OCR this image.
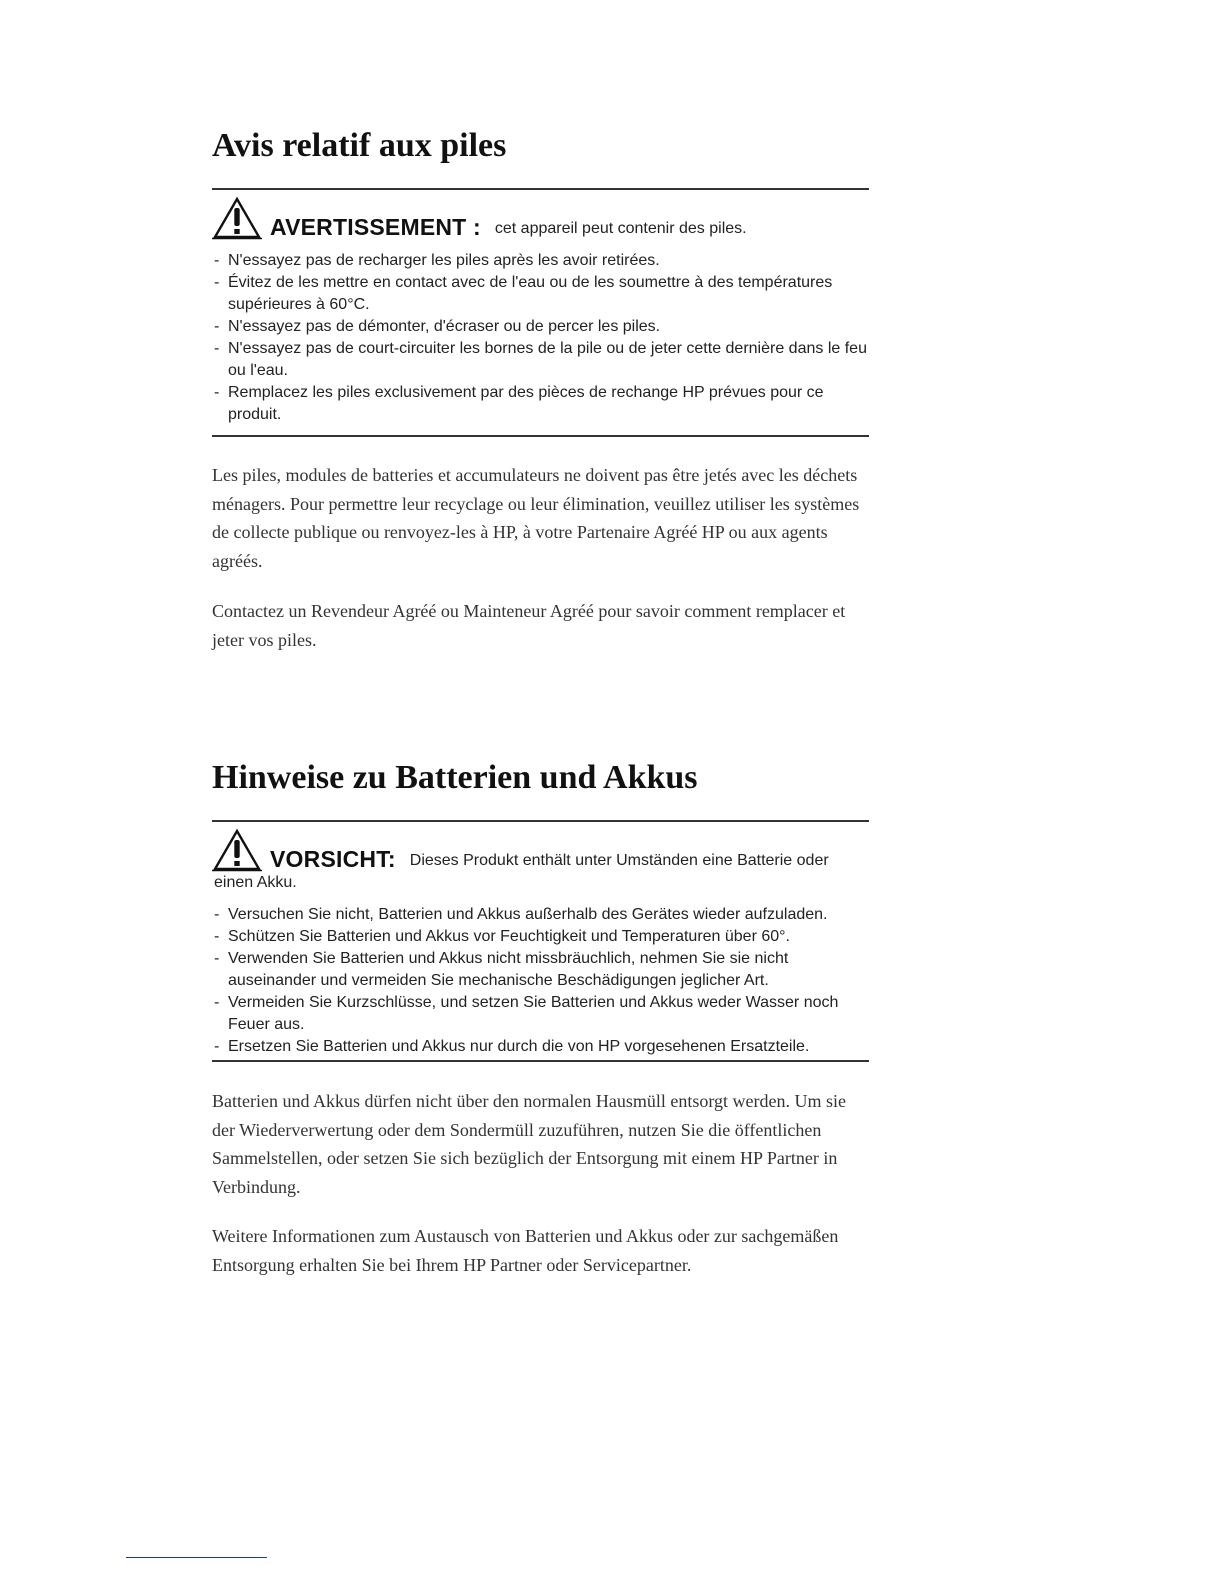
Avis relatif aux piles
AVERTISSEMENT : cet appareil peut contenir des piles.
- N'essayez pas de recharger les piles après les avoir retirées.
- Évitez de les mettre en contact avec de l'eau ou de les soumettre à des températures supérieures à 60°C.
- N'essayez pas de démonter, d'écraser ou de percer les piles.
- N'essayez pas de court-circuiter les bornes de la pile ou de jeter cette dernière dans le feu ou l'eau.
- Remplacez les piles exclusivement par des pièces de rechange HP prévues pour ce produit.

Les piles, modules de batteries et accumulateurs ne doivent pas être jetés avec les déchets ménagers. Pour permettre leur recyclage ou leur élimination, veuillez utiliser les systèmes de collecte publique ou renvoyez-les à HP, à votre Partenaire Agréé HP ou aux agents agréés.

Contactez un Revendeur Agréé ou Mainteneur Agréé pour savoir comment remplacer et jeter vos piles.

Hinweise zu Batterien und Akkus
VORSICHT: Dieses Produkt enthält unter Umständen eine Batterie oder
einen Akku.
- Versuchen Sie nicht, Batterien und Akkus außerhalb des Gerätes wieder aufzuladen.
- Schützen Sie Batterien und Akkus vor Feuchtigkeit und Temperaturen über 60°.
- Verwenden Sie Batterien und Akkus nicht missbräuchlich, nehmen Sie sie nicht auseinander und vermeiden Sie mechanische Beschädigungen jeglicher Art.
- Vermeiden Sie Kurzschlüsse, und setzen Sie Batterien und Akkus weder Wasser noch Feuer aus.
- Ersetzen Sie Batterien und Akkus nur durch die von HP vorgesehenen Ersatzteile.

Batterien und Akkus dürfen nicht über den normalen Hausmüll entsorgt werden. Um sie der Wiederverwertung oder dem Sondermüll zuzuführen, nutzen Sie die öffentlichen Sammelstellen, oder setzen Sie sich bezüglich der Entsorgung mit einem HP Partner in Verbindung.

Weitere Informationen zum Austausch von Batterien und Akkus oder zur sachgemäßen Entsorgung erhalten Sie bei Ihrem HP Partner oder Servicepartner.
